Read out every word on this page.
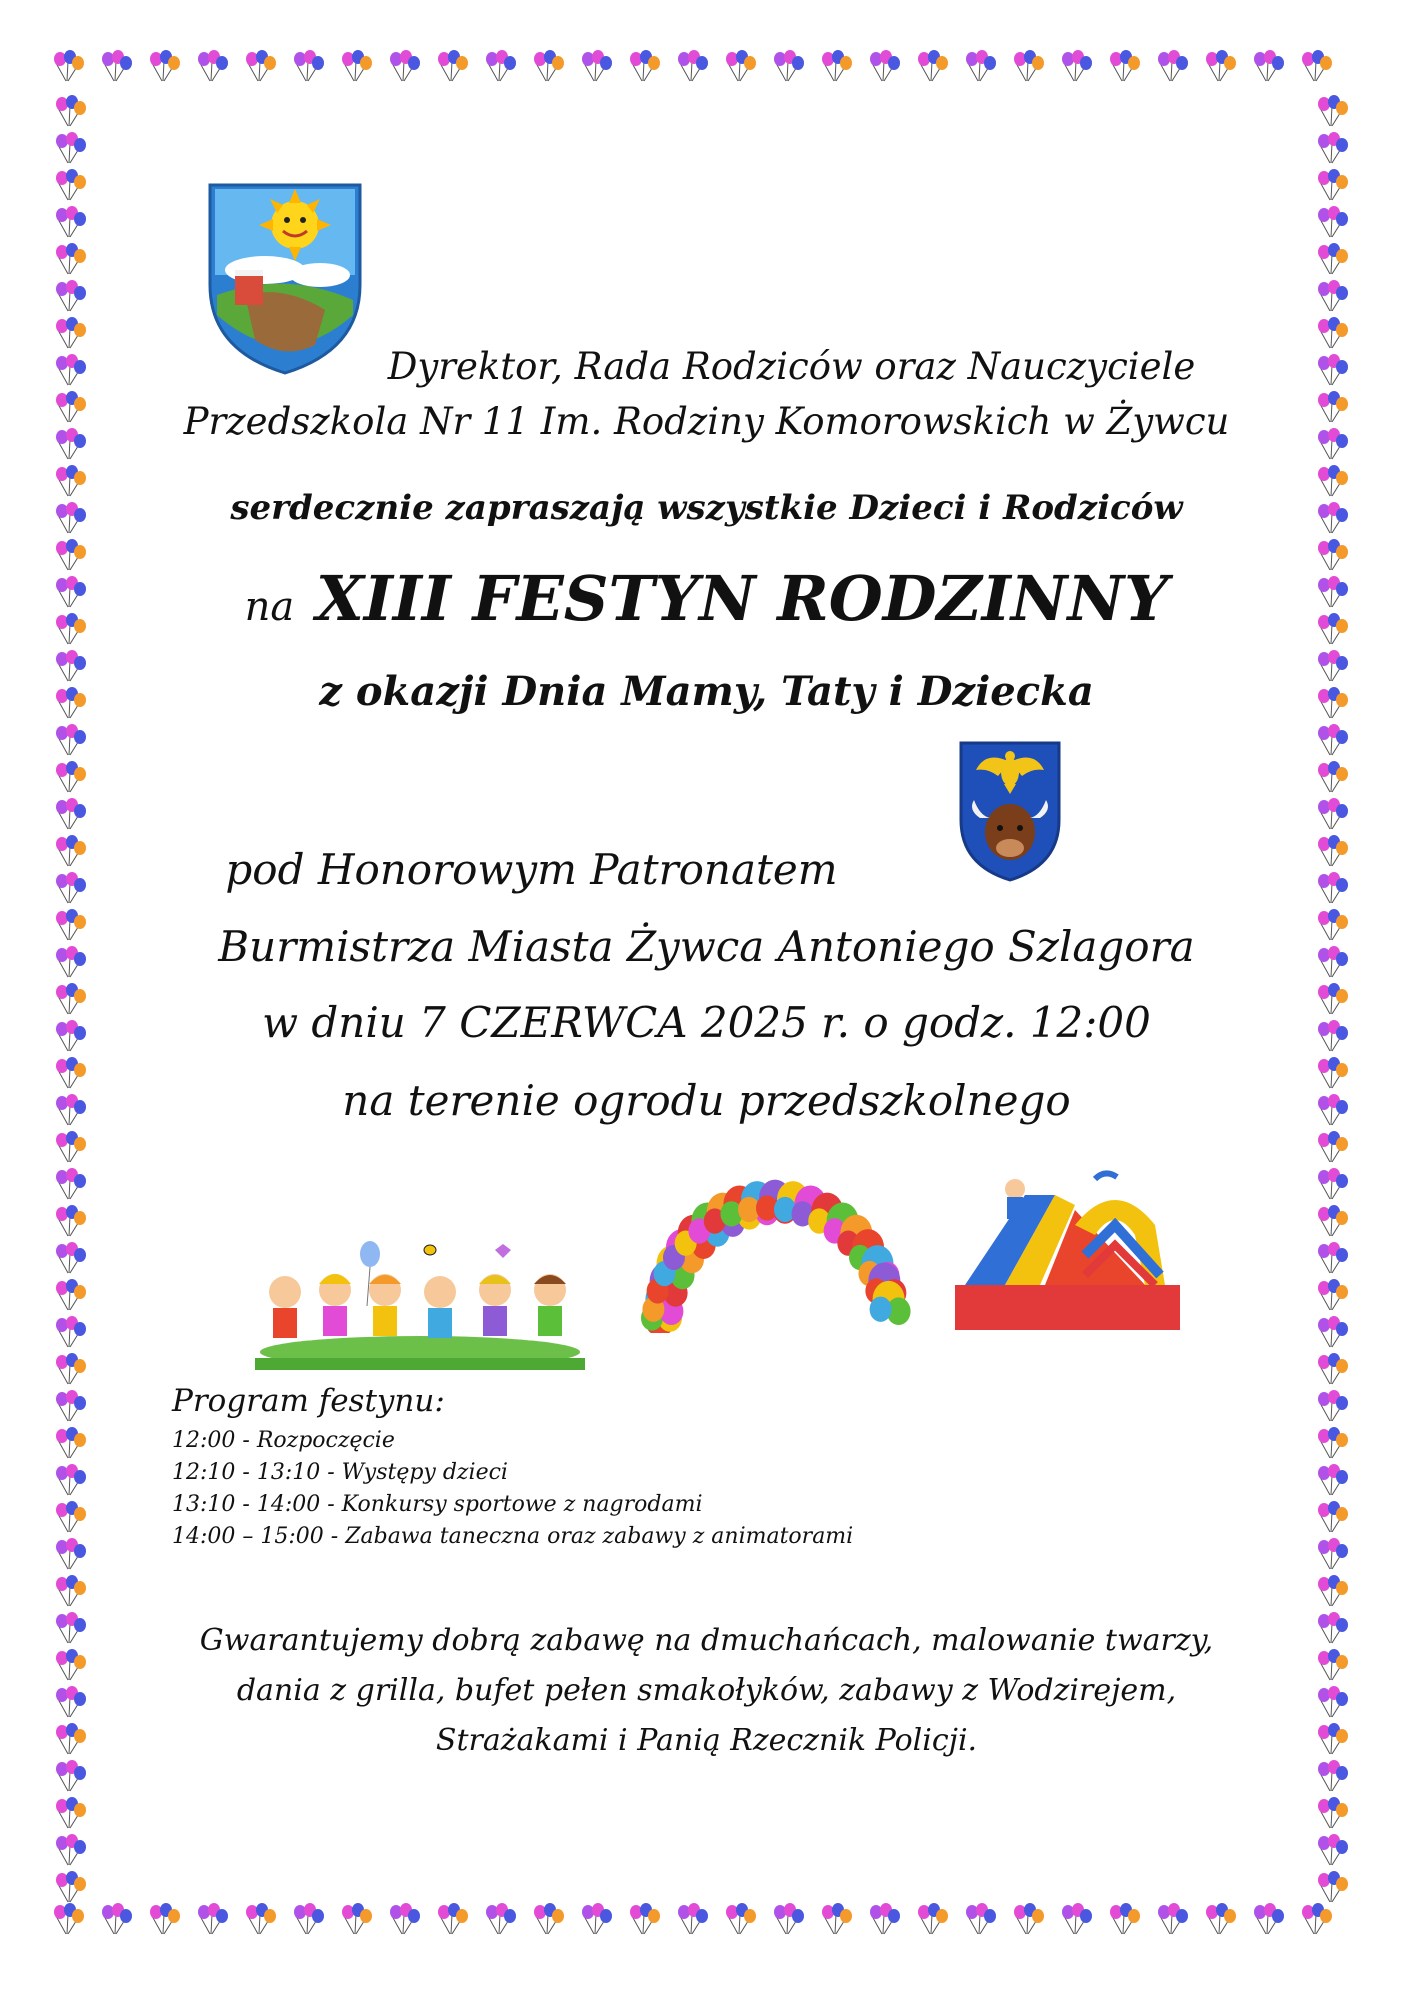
Dyrektor, Rada Rodziców oraz Nauczyciele
Przedszkola Nr 11 Im. Rodziny Komorowskich w Żywcu
serdecznie zapraszają wszystkie Dzieci i Rodziców
na XIII FESTYN RODZINNY
z okazji Dnia Mamy, Taty i Dziecka
pod Honorowym Patronatem
Burmistrza Miasta Żywca Antoniego Szlagora
w dniu 7 CZERWCA 2025 r. o godz. 12:00
na terenie ogrodu przedszkolnego
Program festynu:
12:00 - Rozpoczęcie
12:10 - 13:10 - Występy dzieci
13:10 - 14:00 - Konkursy sportowe z nagrodami
14:00 – 15:00 - Zabawa taneczna oraz zabawy z animatorami
Gwarantujemy dobrą zabawę na dmuchańcach, malowanie twarzy,
dania z grilla, bufet pełen smakołyków, zabawy z Wodzirejem,
Strażakami i Panią Rzecznik Policji.
